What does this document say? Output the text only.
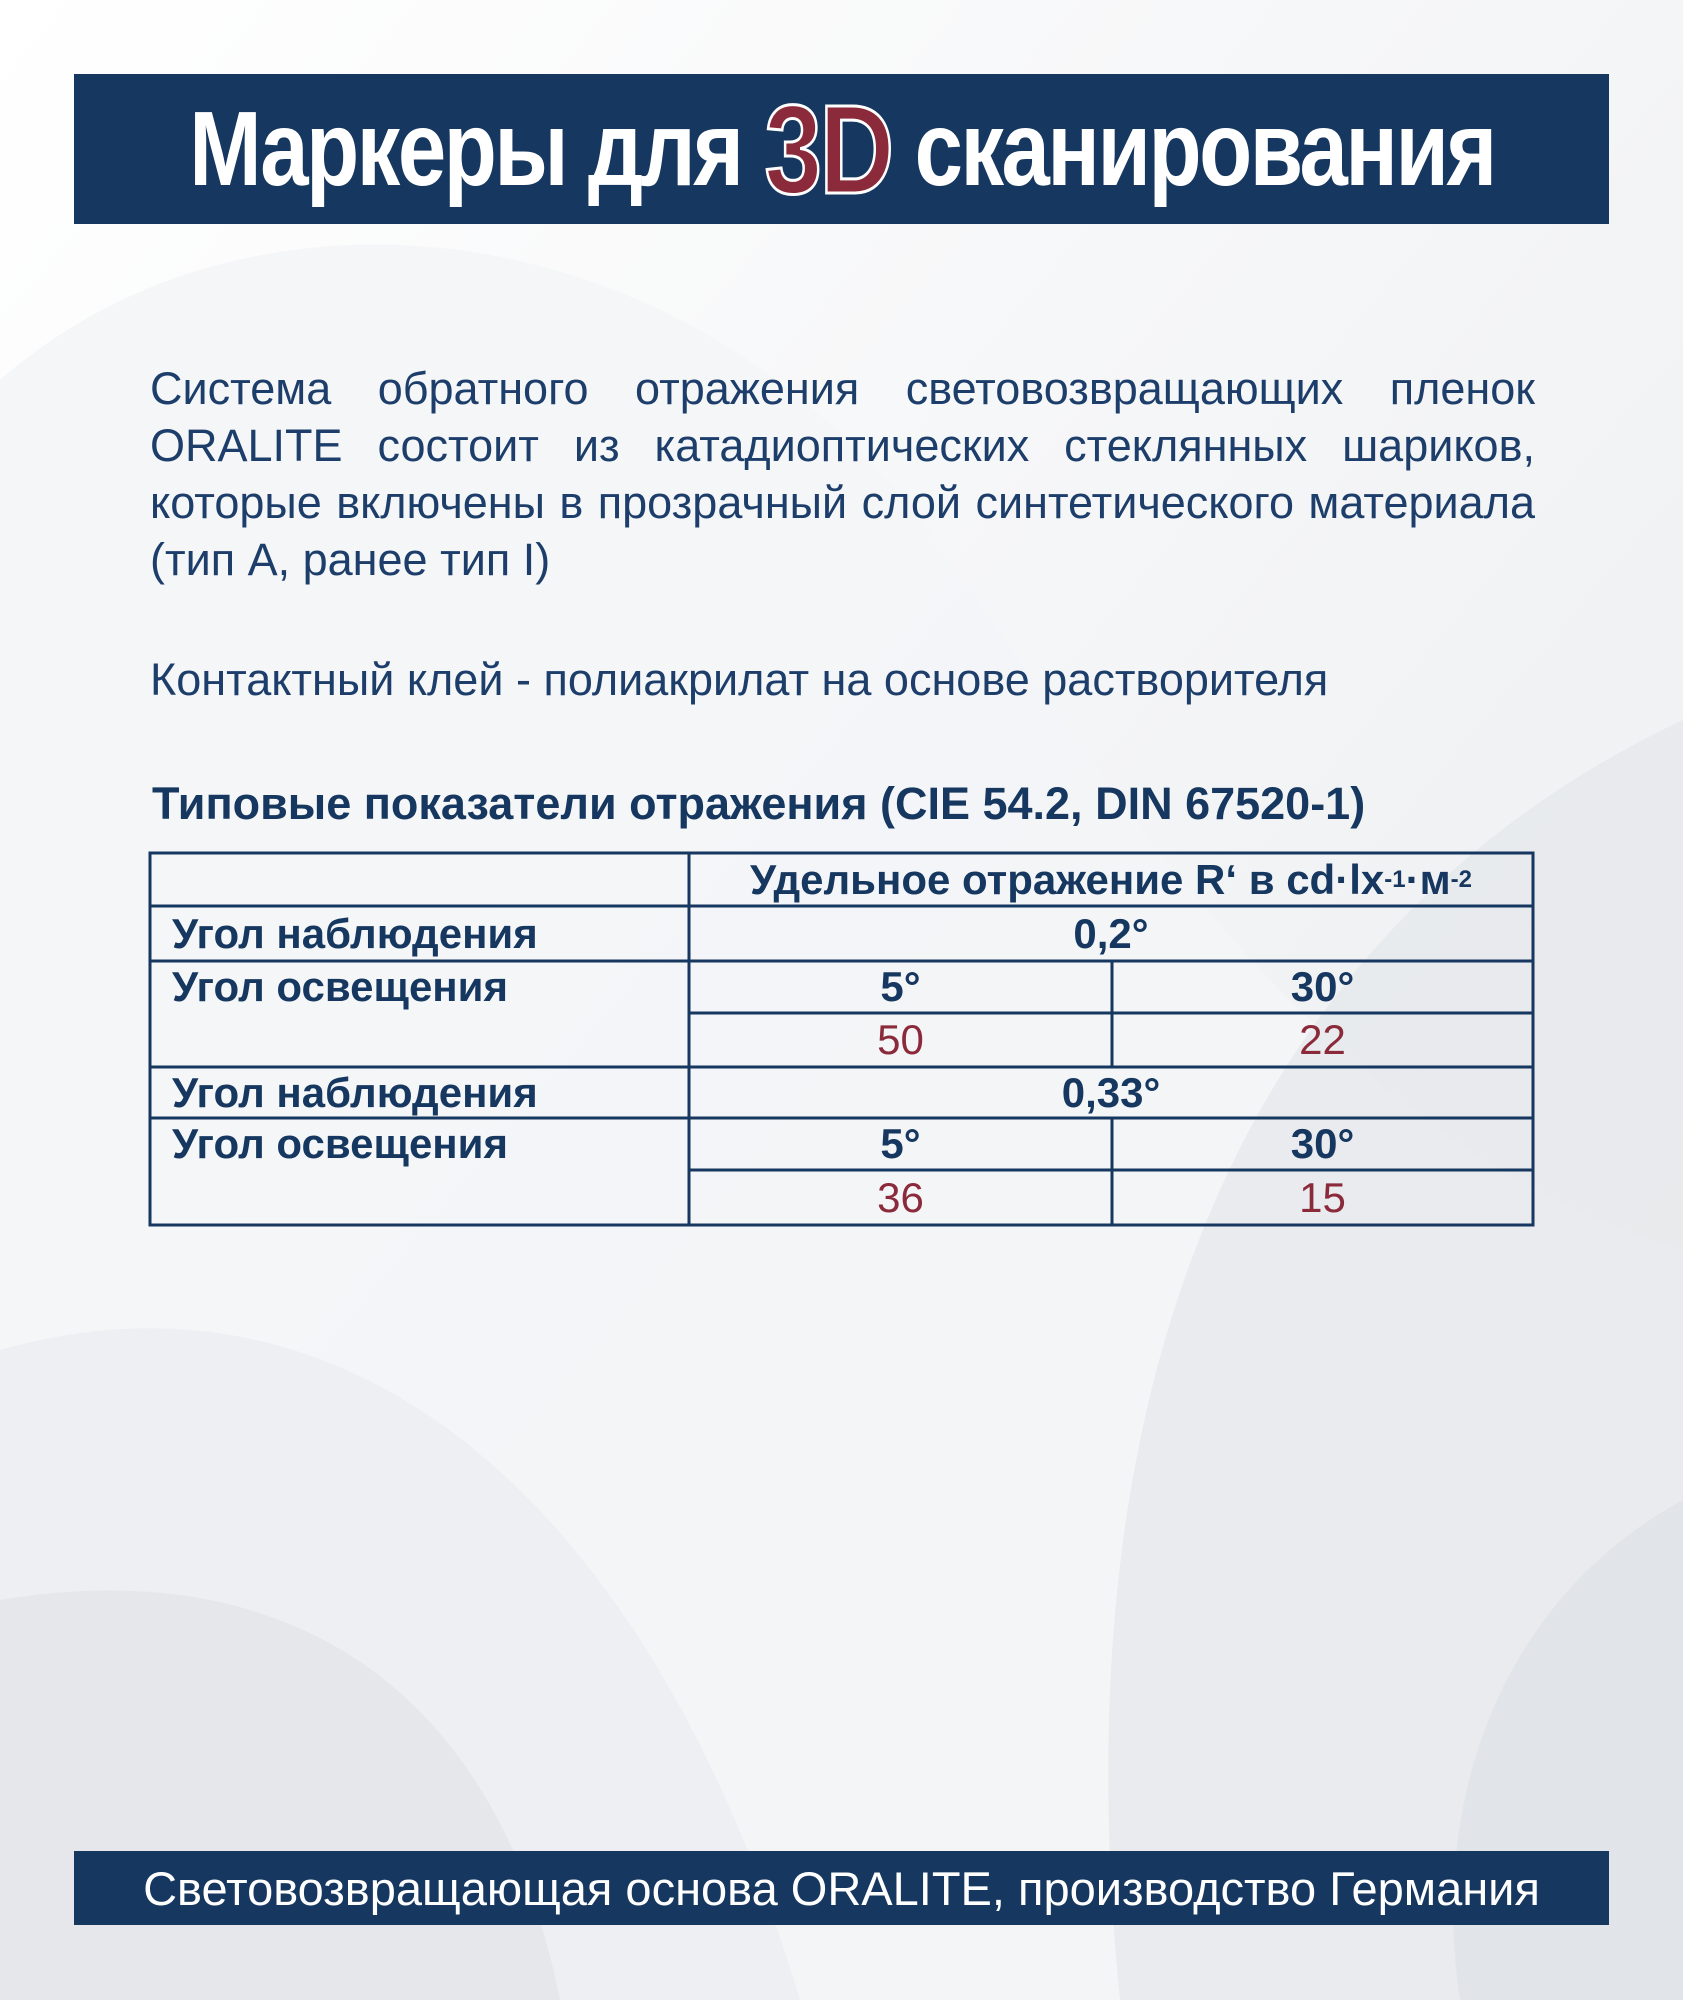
Маркеры для 3D сканирования

Система обратного отражения световозвращающих пленок ORALITE состоит из катадиоптических стеклянных шариков, которые включены в прозрачный слой синтетического материала (тип А, ранее тип I)

Контактный клей - полиакрилат на основе растворителя

Типовые показатели отражения (CIE 54.2, DIN 67520-1)
Удельное отражение R‘ в cd·lx -1 ·м -2
Угол наблюдения	0,2°
Угол освещения	5°	30°
50	22
Угол наблюдения	0,33°
Угол освещения	5°	30°
36	15
Световозвращающая основа ORALITE, производство Германия
